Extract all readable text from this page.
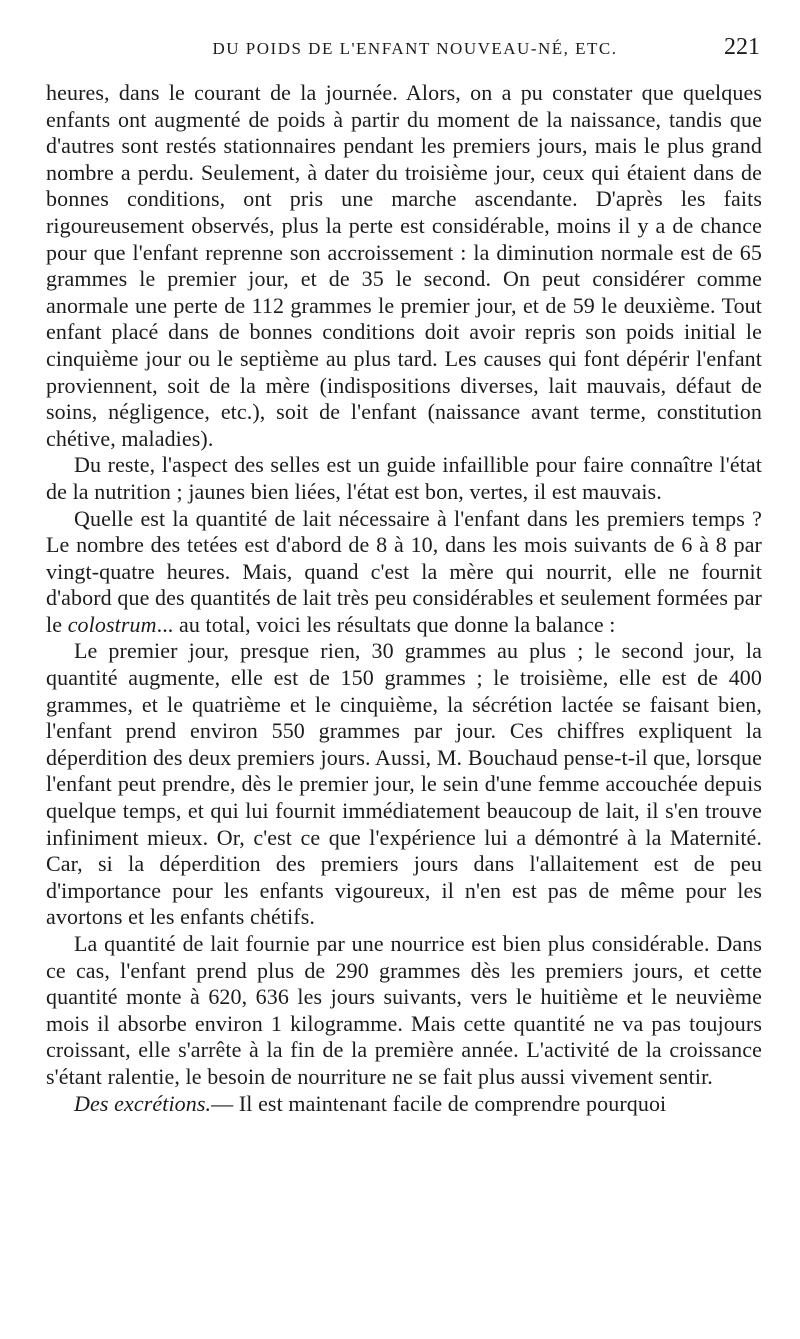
DU POIDS DE L'ENFANT NOUVEAU-NÉ, ETC.	221

heures, dans le courant de la journée. Alors, on a pu constater que quelques enfants ont augmenté de poids à partir du moment de la naissance, tandis que d'autres sont restés stationnaires pendant les premiers jours, mais le plus grand nombre a perdu. Seulement, à dater du troisième jour, ceux qui étaient dans de bonnes conditions, ont pris une marche ascendante. D'après les faits rigoureusement observés, plus la perte est considérable, moins il y a de chance pour que l'enfant reprenne son accroissement : la diminution normale est de 65 grammes le premier jour, et de 35 le second. On peut considérer comme anormale une perte de 112 grammes le premier jour, et de 59 le deuxième. Tout enfant placé dans de bonnes conditions doit avoir repris son poids initial le cinquième jour ou le septième au plus tard. Les causes qui font dépérir l'enfant proviennent, soit de la mère (indispositions diverses, lait mauvais, défaut de soins, négligence, etc.), soit de l'enfant (naissance avant terme, constitution chétive, maladies).

Du reste, l'aspect des selles est un guide infaillible pour faire connaître l'état de la nutrition ; jaunes bien liées, l'état est bon, vertes, il est mauvais.

Quelle est la quantité de lait nécessaire à l'enfant dans les premiers temps ? Le nombre des tetées est d'abord de 8 à 10, dans les mois suivants de 6 à 8 par vingt-quatre heures. Mais, quand c'est la mère qui nourrit, elle ne fournit d'abord que des quantités de lait très peu considérables et seulement formées par le colostrum... au total, voici les résultats que donne la balance :

Le premier jour, presque rien, 30 grammes au plus ; le second jour, la quantité augmente, elle est de 150 grammes ; le troisième, elle est de 400 grammes, et le quatrième et le cinquième, la sécrétion lactée se faisant bien, l'enfant prend environ 550 grammes par jour. Ces chiffres expliquent la déperdition des deux premiers jours. Aussi, M. Bouchaud pense-t-il que, lorsque l'enfant peut prendre, dès le premier jour, le sein d'une femme accouchée depuis quelque temps, et qui lui fournit immédiatement beaucoup de lait, il s'en trouve infiniment mieux. Or, c'est ce que l'expérience lui a démontré à la Maternité. Car, si la déperdition des premiers jours dans l'allaitement est de peu d'importance pour les enfants vigoureux, il n'en est pas de même pour les avortons et les enfants chétifs.

La quantité de lait fournie par une nourrice est bien plus considérable. Dans ce cas, l'enfant prend plus de 290 grammes dès les premiers jours, et cette quantité monte à 620, 636 les jours suivants, vers le huitième et le neuvième mois il absorbe environ 1 kilogramme. Mais cette quantité ne va pas toujours croissant, elle s'arrête à la fin de la première année. L'activité de la croissance s'étant ralentie, le besoin de nourriture ne se fait plus aussi vivement sentir.

Des excrétions.— Il est maintenant facile de comprendre pourquoi
